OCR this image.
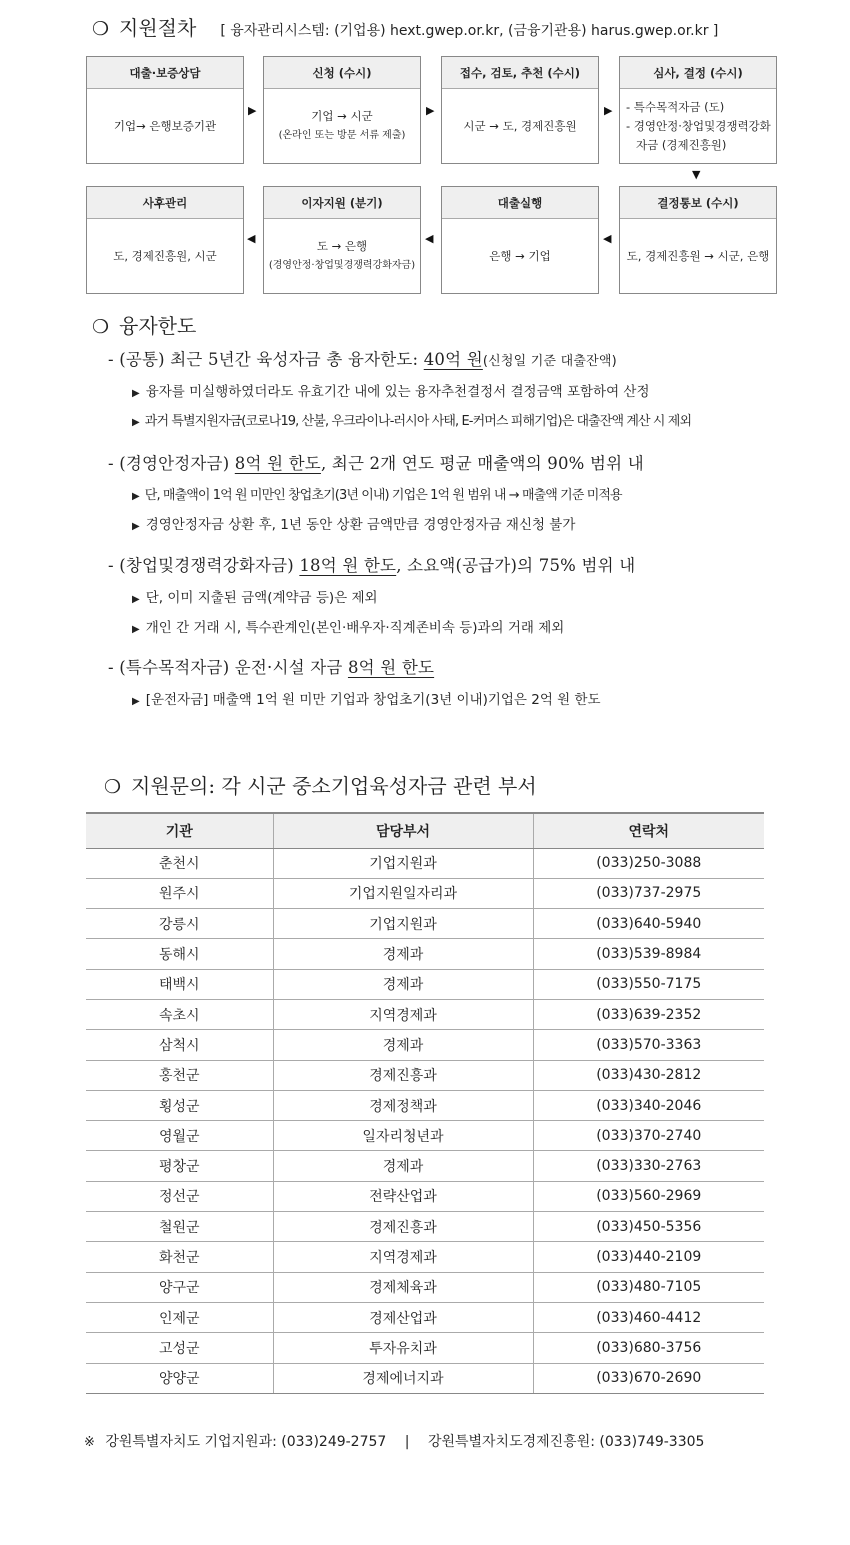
❍ 지원절차 [ 융자관리시스템: (기업용) hext.gwep.or.kr, (금융기관용) harus.gwep.or.kr ]
대출·보증상담
기업→ 은행보증기관
신청 (수시)
기업 → 시군
(온라인 또는 방문 서류 제출)
접수, 검토, 추천 (수시)
시군 → 도, 경제진흥원
심사, 결정 (수시)
- 특수목적자금 (도)
- 경영안정·창업및경쟁력강화
자금 (경제진흥원)
사후관리
도, 경제진흥원, 시군
이자지원 (분기)
도 → 은행
(경영안정·창업및경쟁력강화자금)
대출실행
은행 → 기업
결정통보 (수시)
도, 경제진흥원 → 시군, 은행
▶	▶	▶
◀	◀	◀
▼
❍ 융자한도
- (공통) 최근 5년간 육성자금 총 융자한도: 40억 원(신청일 기준 대출잔액)
▶ 융자를 미실행하였더라도 유효기간 내에 있는 융자추천결정서 결정금액 포함하여 산정
▶ 과거 특별지원자금(코로나19, 산불, 우크라이나-러시아 사태, E-커머스 피해기업)은 대출잔액 계산 시 제외
- (경영안정자금) 8억 원 한도, 최근 2개 연도 평균 매출액의 90% 범위 내
▶ 단, 매출액이 1억 원 미만인 창업초기(3년 이내) 기업은 1억 원 범위 내 → 매출액 기준 미적용
▶ 경영안정자금 상환 후, 1년 동안 상환 금액만큼 경영안정자금 재신청 불가
- (창업및경쟁력강화자금) 18억 원 한도, 소요액(공급가)의 75% 범위 내
▶ 단, 이미 지출된 금액(계약금 등)은 제외
▶ 개인 간 거래 시, 특수관계인(본인·배우자·직계존비속 등)과의 거래 제외
- (특수목적자금) 운전·시설 자금 8억 원 한도
▶ [운전자금] 매출액 1억 원 미만 기업과 창업초기(3년 이내)기업은 2억 원 한도
❍ 지원문의: 각 시군 중소기업육성자금 관련 부서
기관	담당부서	연락처
춘천시	기업지원과	(033)250-3088
원주시	기업지원일자리과	(033)737-2975
강릉시	기업지원과	(033)640-5940
동해시	경제과	(033)539-8984
태백시	경제과	(033)550-7175
속초시	지역경제과	(033)639-2352
삼척시	경제과	(033)570-3363
홍천군	경제진흥과	(033)430-2812
횡성군	경제정책과	(033)340-2046
영월군	일자리청년과	(033)370-2740
평창군	경제과	(033)330-2763
정선군	전략산업과	(033)560-2969
철원군	경제진흥과	(033)450-5356
화천군	지역경제과	(033)440-2109
양구군	경제체육과	(033)480-7105
인제군	경제산업과	(033)460-4412
고성군	투자유치과	(033)680-3756
양양군	경제에너지과	(033)670-2690
※ 강원특별자치도 기업지원과: (033)249-2757 | 강원특별자치도경제진흥원: (033)749-3305
